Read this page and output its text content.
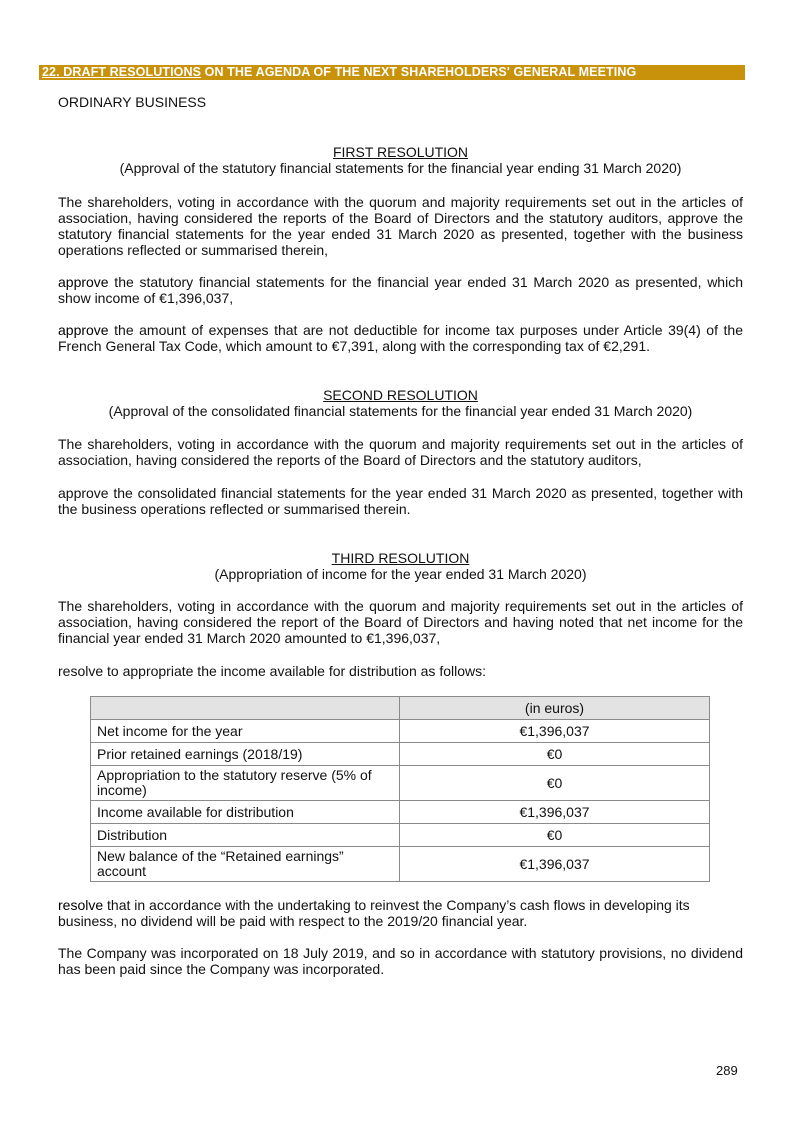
22. DRAFT RESOLUTIONS ON THE AGENDA OF THE NEXT SHAREHOLDERS' GENERAL MEETING
ORDINARY BUSINESS
FIRST RESOLUTION
(Approval of the statutory financial statements for the financial year ending 31 March 2020)
The shareholders, voting in accordance with the quorum and majority requirements set out in the articles of association, having considered the reports of the Board of Directors and the statutory auditors, approve the statutory financial statements for the year ended 31 March 2020 as presented, together with the business operations reflected or summarised therein,
approve the statutory financial statements for the financial year ended 31 March 2020 as presented, which show income of €1,396,037,
approve the amount of expenses that are not deductible for income tax purposes under Article 39(4) of the French General Tax Code, which amount to €7,391, along with the corresponding tax of €2,291.
SECOND RESOLUTION
(Approval of the consolidated financial statements for the financial year ended 31 March 2020)
The shareholders, voting in accordance with the quorum and majority requirements set out in the articles of association, having considered the reports of the Board of Directors and the statutory auditors,
approve the consolidated financial statements for the year ended 31 March 2020 as presented, together with the business operations reflected or summarised therein.
THIRD RESOLUTION
(Appropriation of income for the year ended 31 March 2020)
The shareholders, voting in accordance with the quorum and majority requirements set out in the articles of association, having considered the report of the Board of Directors and having noted that net income for the financial year ended 31 March 2020 amounted to €1,396,037,
resolve to appropriate the income available for distribution as follows:
	(in euros)
Net income for the year	€1,396,037
Prior retained earnings (2018/19)	€0
Appropriation to the statutory reserve (5% of income)	€0
Income available for distribution	€1,396,037
Distribution	€0
New balance of the “Retained earnings” account	€1,396,037
resolve that in accordance with the undertaking to reinvest the Company’s cash flows in developing its business, no dividend will be paid with respect to the 2019/20 financial year.
The Company was incorporated on 18 July 2019, and so in accordance with statutory provisions, no dividend has been paid since the Company was incorporated.
289
